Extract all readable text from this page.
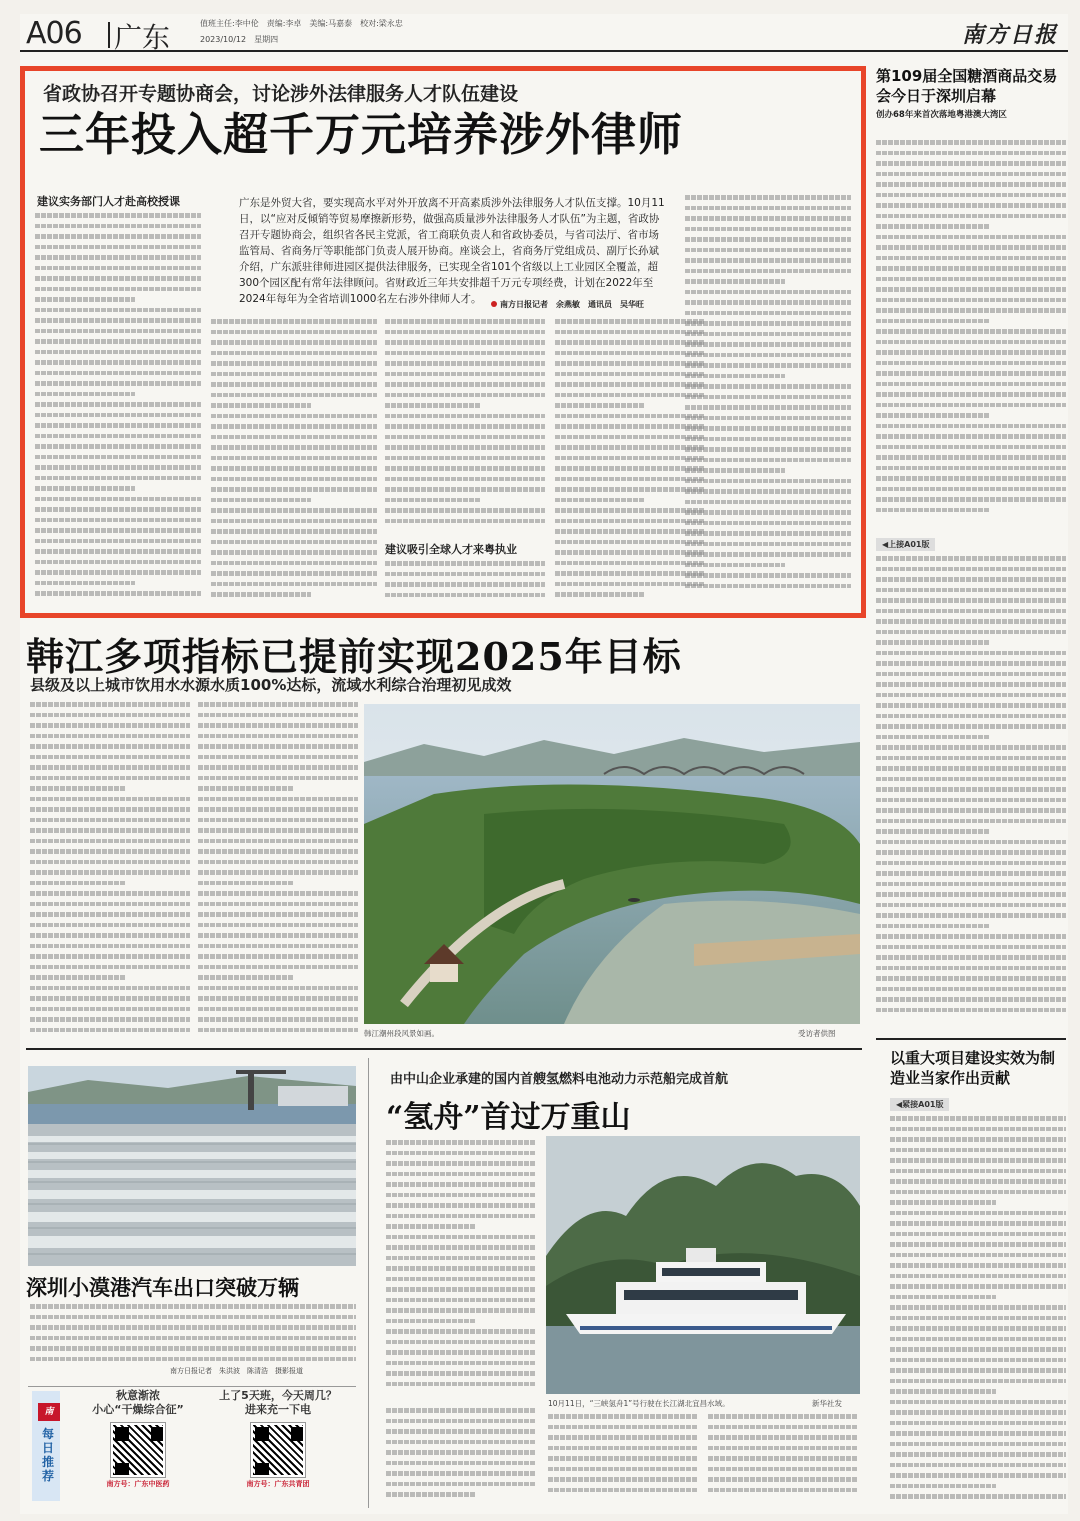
A06 广东	值班主任:李中伦　责编:李卓　美编:马嘉泰　校对:梁永忠
2023/10/12　星期四	南方日报
省政协召开专题协商会，讨论涉外法律服务人才队伍建设
三年投入超千万元培养涉外律师
建议实务部门人才赴高校授课	广东是外贸大省，要实现高水平对外开放离不开高素质涉外法律服务人才队伍支撑。10月11日，以“应对反倾销等贸易摩擦新形势，做强高质量涉外法律服务人才队伍”为主题，省政协召开专题协商会，组织省各民主党派，省工商联负责人和省政协委员，与省司法厅、省市场监管局、省商务厅等职能部门负责人展开协商。座谈会上，省商务厅党组成员、副厅长孙斌介绍，广东派驻律师进园区提供法律服务，已实现全省101个省级以上工业园区全覆盖，超300个园区配有常年法律顾问。省财政近三年共安排超千万元专项经费，计划在2022年至2024年每年为全省培训1000名左右涉外律师人才。	南方日报记者　余燕敏　通讯员　吴华旺
建议吸引全球人才来粤执业
第109届全国糖酒商品交易会今日于深圳启幕
创办68年来首次落地粤港澳大湾区
◀上接A01版
以重大项目建设实效为制造业当家作出贡献
◀紧接A01版
韩江多项指标已提前实现2025年目标
县级及以上城市饮用水水源水质100%达标，流域水利综合治理初见成效
韩江潮州段风景如画。	受访者供图
深圳小漠港汽车出口突破万辆
南方日报记者　朱洪波　陈清浩　摄影报道
由中山企业承建的国内首艘氢燃料电池动力示范船完成首航
“氢舟”首过万重山
10月11日，“三峡氢舟1”号行驶在长江湖北宜昌水域。	新华社发
南
每日推荐
秋意渐浓
小心“干燥综合征”
南方号：广东中医药
上了5天班，今天周几？
进来充一下电
南方号：广东共青团
